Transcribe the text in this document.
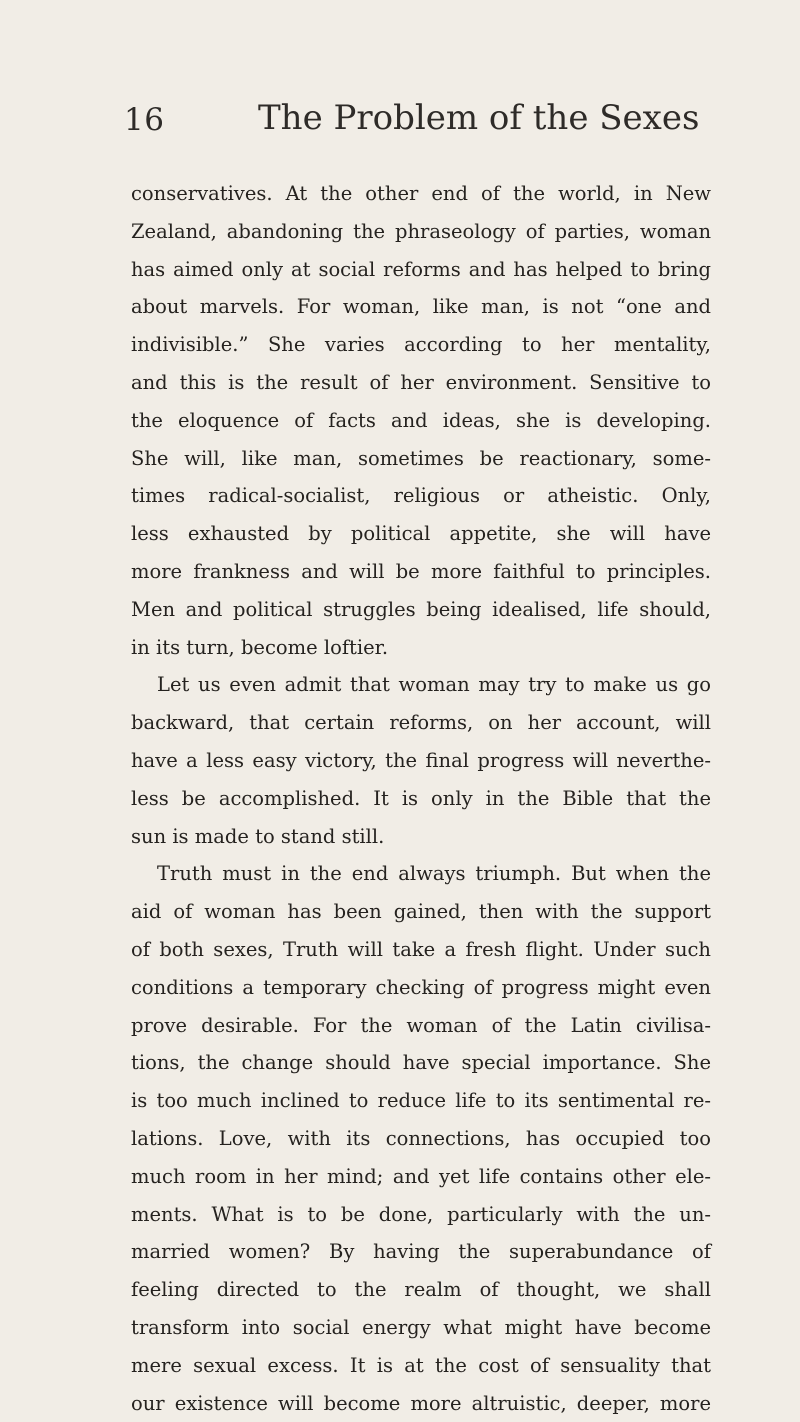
16	The Problem of the Sexes
conservatives. At the other end of the world, in New
Zealand, abandoning the phraseology of parties, woman
has aimed only at social reforms and has helped to bring
about marvels. For woman, like man, is not “one and
indivisible.” She varies according to her mentality,
and this is the result of her environment. Sensitive to
the eloquence of facts and ideas, she is developing.
She will, like man, sometimes be reactionary, some-
times radical-socialist, religious or atheistic. Only,
less exhausted by political appetite, she will have
more frankness and will be more faithful to principles.
Men and political struggles being idealised, life should,
in its turn, become loftier.
Let us even admit that woman may try to make us go
backward, that certain reforms, on her account, will
have a less easy victory, the final progress will neverthe-
less be accomplished. It is only in the Bible that the
sun is made to stand still.
Truth must in the end always triumph. But when the
aid of woman has been gained, then with the support
of both sexes, Truth will take a fresh flight. Under such
conditions a temporary checking of progress might even
prove desirable. For the woman of the Latin civilisa-
tions, the change should have special importance. She
is too much inclined to reduce life to its sentimental re-
lations. Love, with its connections, has occupied too
much room in her mind; and yet life contains other ele-
ments. What is to be done, particularly with the un-
married women? By having the superabundance of
feeling directed to the realm of thought, we shall
transform into social energy what might have become
mere sexual excess. It is at the cost of sensuality that
our existence will become more altruistic, deeper, more
